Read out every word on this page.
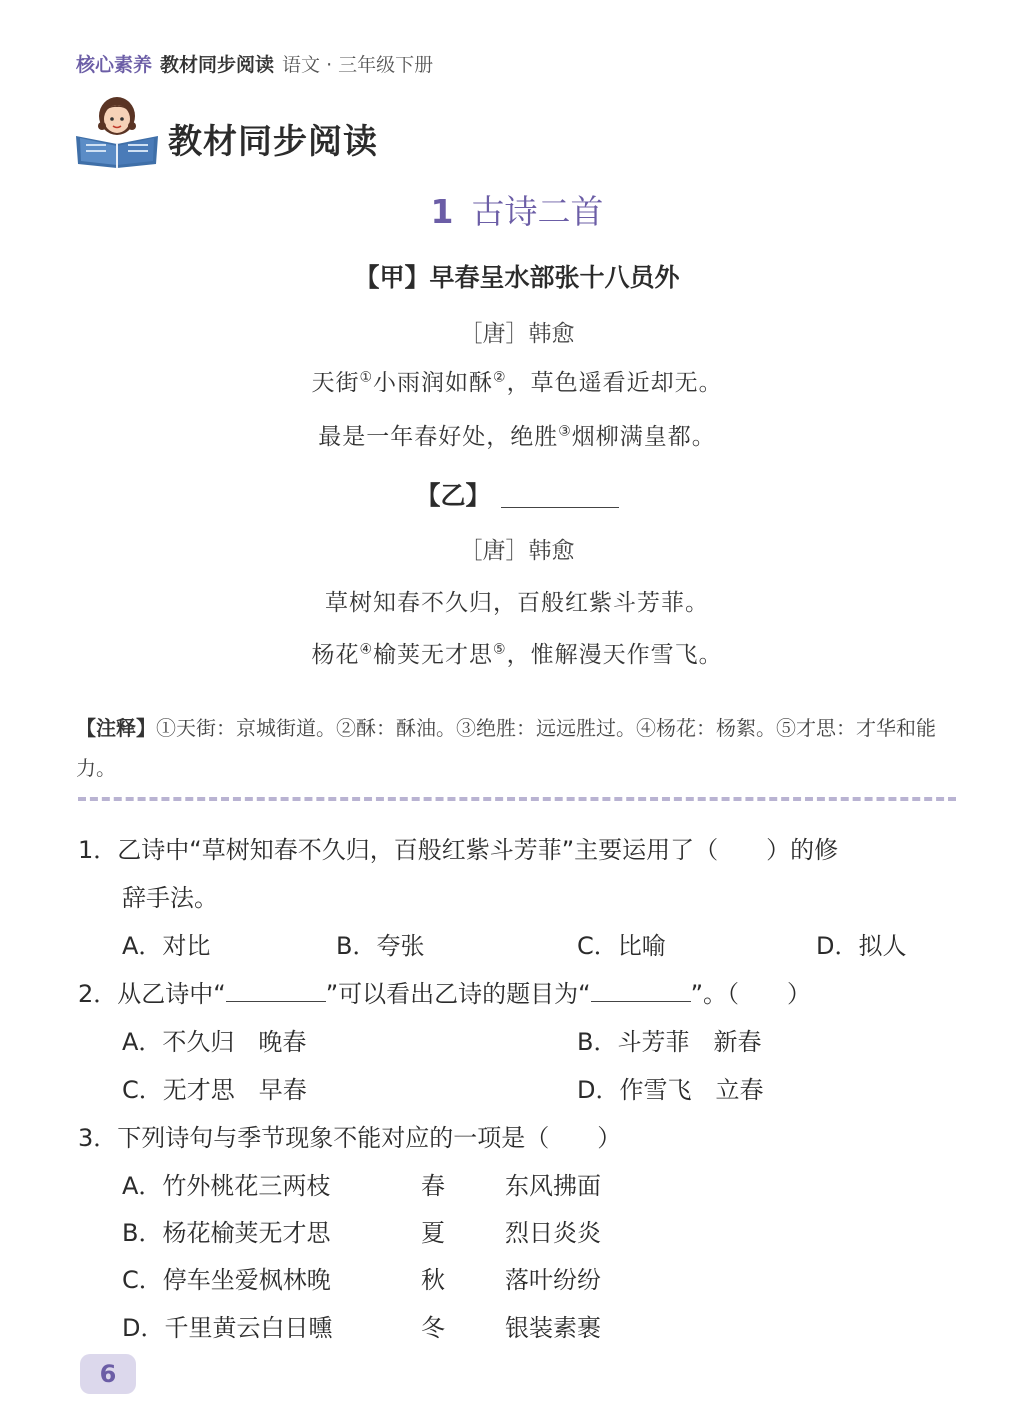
核心素养 教材同步阅读 语文 · 三年级下册
教材同步阅读
1 古诗二首
【甲】早春呈水部张十八员外
［唐］韩愈
天街①小雨润如酥②，草色遥看近却无。
最是一年春好处，绝胜③烟柳满皇都。
【乙】
［唐］韩愈
草树知春不久归，百般红紫斗芳菲。
杨花④榆荚无才思⑤，惟解漫天作雪飞。
【注释】①天街：京城街道。②酥：酥油。③绝胜：远远胜过。④杨花：杨絮。⑤才思：才华和能力。
1．乙诗中“草树知春不久归，百般红紫斗芳菲”主要运用了（　　）的修
辞手法。
A．对比	B．夸张	C．比喻	D．拟人
2．从乙诗中“	”可以看出乙诗的题目为“	”。（　　）
A．不久归　晚春	B．斗芳菲　新春
C．无才思　早春	D．作雪飞　立春
3．下列诗句与季节现象不能对应的一项是（　　）
A．竹外桃花三两枝	春	东风拂面
B．杨花榆荚无才思	夏	烈日炎炎
C．停车坐爱枫林晚	秋	落叶纷纷
D．千里黄云白日曛	冬	银装素裹
6
